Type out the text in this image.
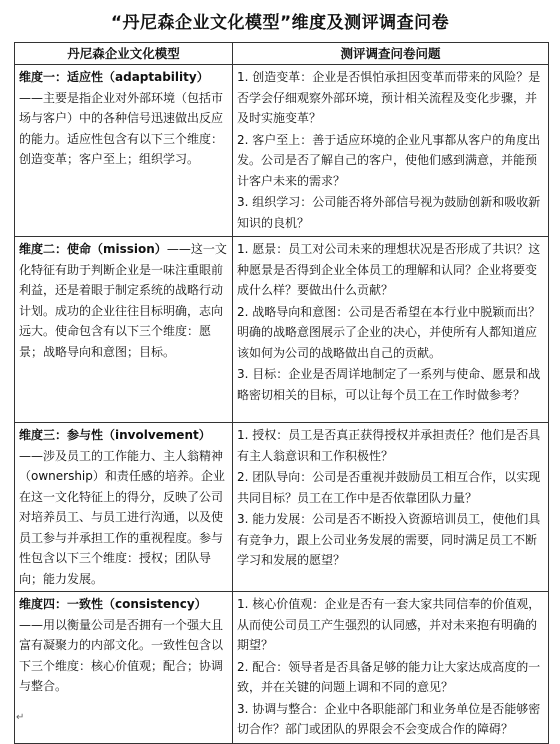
“丹尼森企业文化模型”维度及测评调查问卷
丹尼森企业文化模型	测评调查问卷问题
维度一：适应性（adaptability）——主要是指企业对外部环境（包括市场与客户）中的各种信号迅速做出反应的能力。适应性包含有以下三个维度：创造变革；客户至上；组织学习。	1. 创造变革：企业是否惧怕承担因变革而带来的风险？是否学会仔细观察外部环境，预计相关流程及变化步骤，并及时实施变革？
2. 客户至上：善于适应环境的企业凡事都从客户的角度出发。公司是否了解自己的客户，使他们感到满意，并能预计客户未来的需求？
3. 组织学习：公司能否将外部信号视为鼓励创新和吸收新知识的良机？

维度二：使命（mission）——这一文化特征有助于判断企业是一味注重眼前利益，还是着眼于制定系统的战略行动计划。成功的企业往往目标明确，志向远大。使命包含有以下三个维度：愿景；战略导向和意图；目标。	1. 愿景：员工对公司未来的理想状况是否形成了共识？这种愿景是否得到企业全体员工的理解和认同？企业将要变成什么样？要做出什么贡献？
2. 战略导向和意图：公司是否希望在本行业中脱颖而出？明确的战略意图展示了企业的决心，并使所有人都知道应该如何为公司的战略做出自己的贡献。
3. 目标：企业是否周详地制定了一系列与使命、愿景和战略密切相关的目标，可以让每个员工在工作时做参考？

维度三：参与性（involvement）——涉及员工的工作能力、主人翁精神（ownership）和责任感的培养。企业在这一文化特征上的得分，反映了公司对培养员工、与员工进行沟通，以及使员工参与并承担工作的重视程度。参与性包含以下三个维度：授权；团队导向；能力发展。	1. 授权：员工是否真正获得授权并承担责任？他们是否具有主人翁意识和工作积极性？
2. 团队导向：公司是否重视并鼓励员工相互合作，以实现共同目标？员工在工作中是否依靠团队力量？
3. 能力发展：公司是否不断投入资源培训员工，使他们具有竞争力，跟上公司业务发展的需要，同时满足员工不断学习和发展的愿望？

维度四：一致性（consistency）——用以衡量公司是否拥有一个强大且富有凝聚力的内部文化。一致性包含以下三个维度：核心价值观；配合；协调与整合。	1. 核心价值观：企业是否有一套大家共同信奉的价值观，从而使公司员工产生强烈的认同感，并对未来抱有明确的期望？
2. 配合：领导者是否具备足够的能力让大家达成高度的一致，并在关键的问题上调和不同的意见？
3. 协调与整合：企业中各职能部门和业务单位是否能够密切合作？部门或团队的界限会不会变成合作的障碍？
↵
